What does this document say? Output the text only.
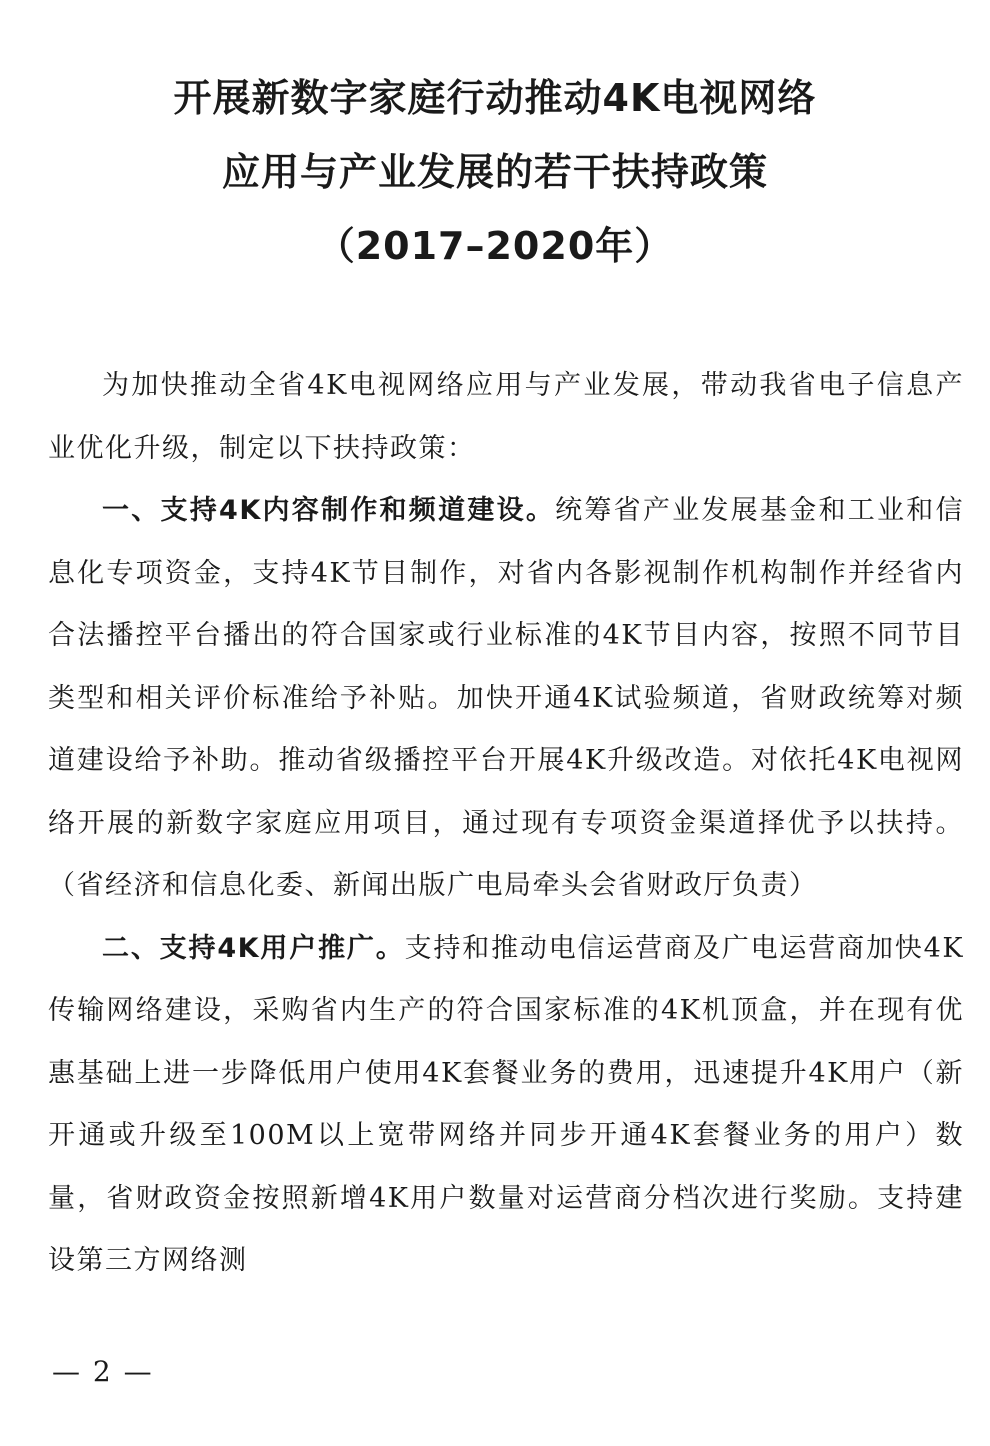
开展新数字家庭行动推动4K电视网络
应用与产业发展的若干扶持政策
（2017–2020年）

为加快推动全省4K电视网络应用与产业发展，带动我省电子信息产业优化升级，制定以下扶持政策：

一、支持4K内容制作和频道建设。统筹省产业发展基金和工业和信息化专项资金，支持4K节目制作，对省内各影视制作机构制作并经省内合法播控平台播出的符合国家或行业标准的4K节目内容，按照不同节目类型和相关评价标准给予补贴。加快开通4K试验频道，省财政统筹对频道建设给予补助。推动省级播控平台开展4K升级改造。对依托4K电视网络开展的新数字家庭应用项目，通过现有专项资金渠道择优予以扶持。（省经济和信息化委、新闻出版广电局牵头会省财政厅负责）

二、支持4K用户推广。支持和推动电信运营商及广电运营商加快4K传输网络建设，采购省内生产的符合国家标准的4K机顶盒，并在现有优惠基础上进一步降低用户使用4K套餐业务的费用，迅速提升4K用户（新开通或升级至100M以上宽带网络并同步开通4K套餐业务的用户）数量，省财政资金按照新增4K用户数量对运营商分档次进行奖励。支持建设第三方网络测

— 2 —
